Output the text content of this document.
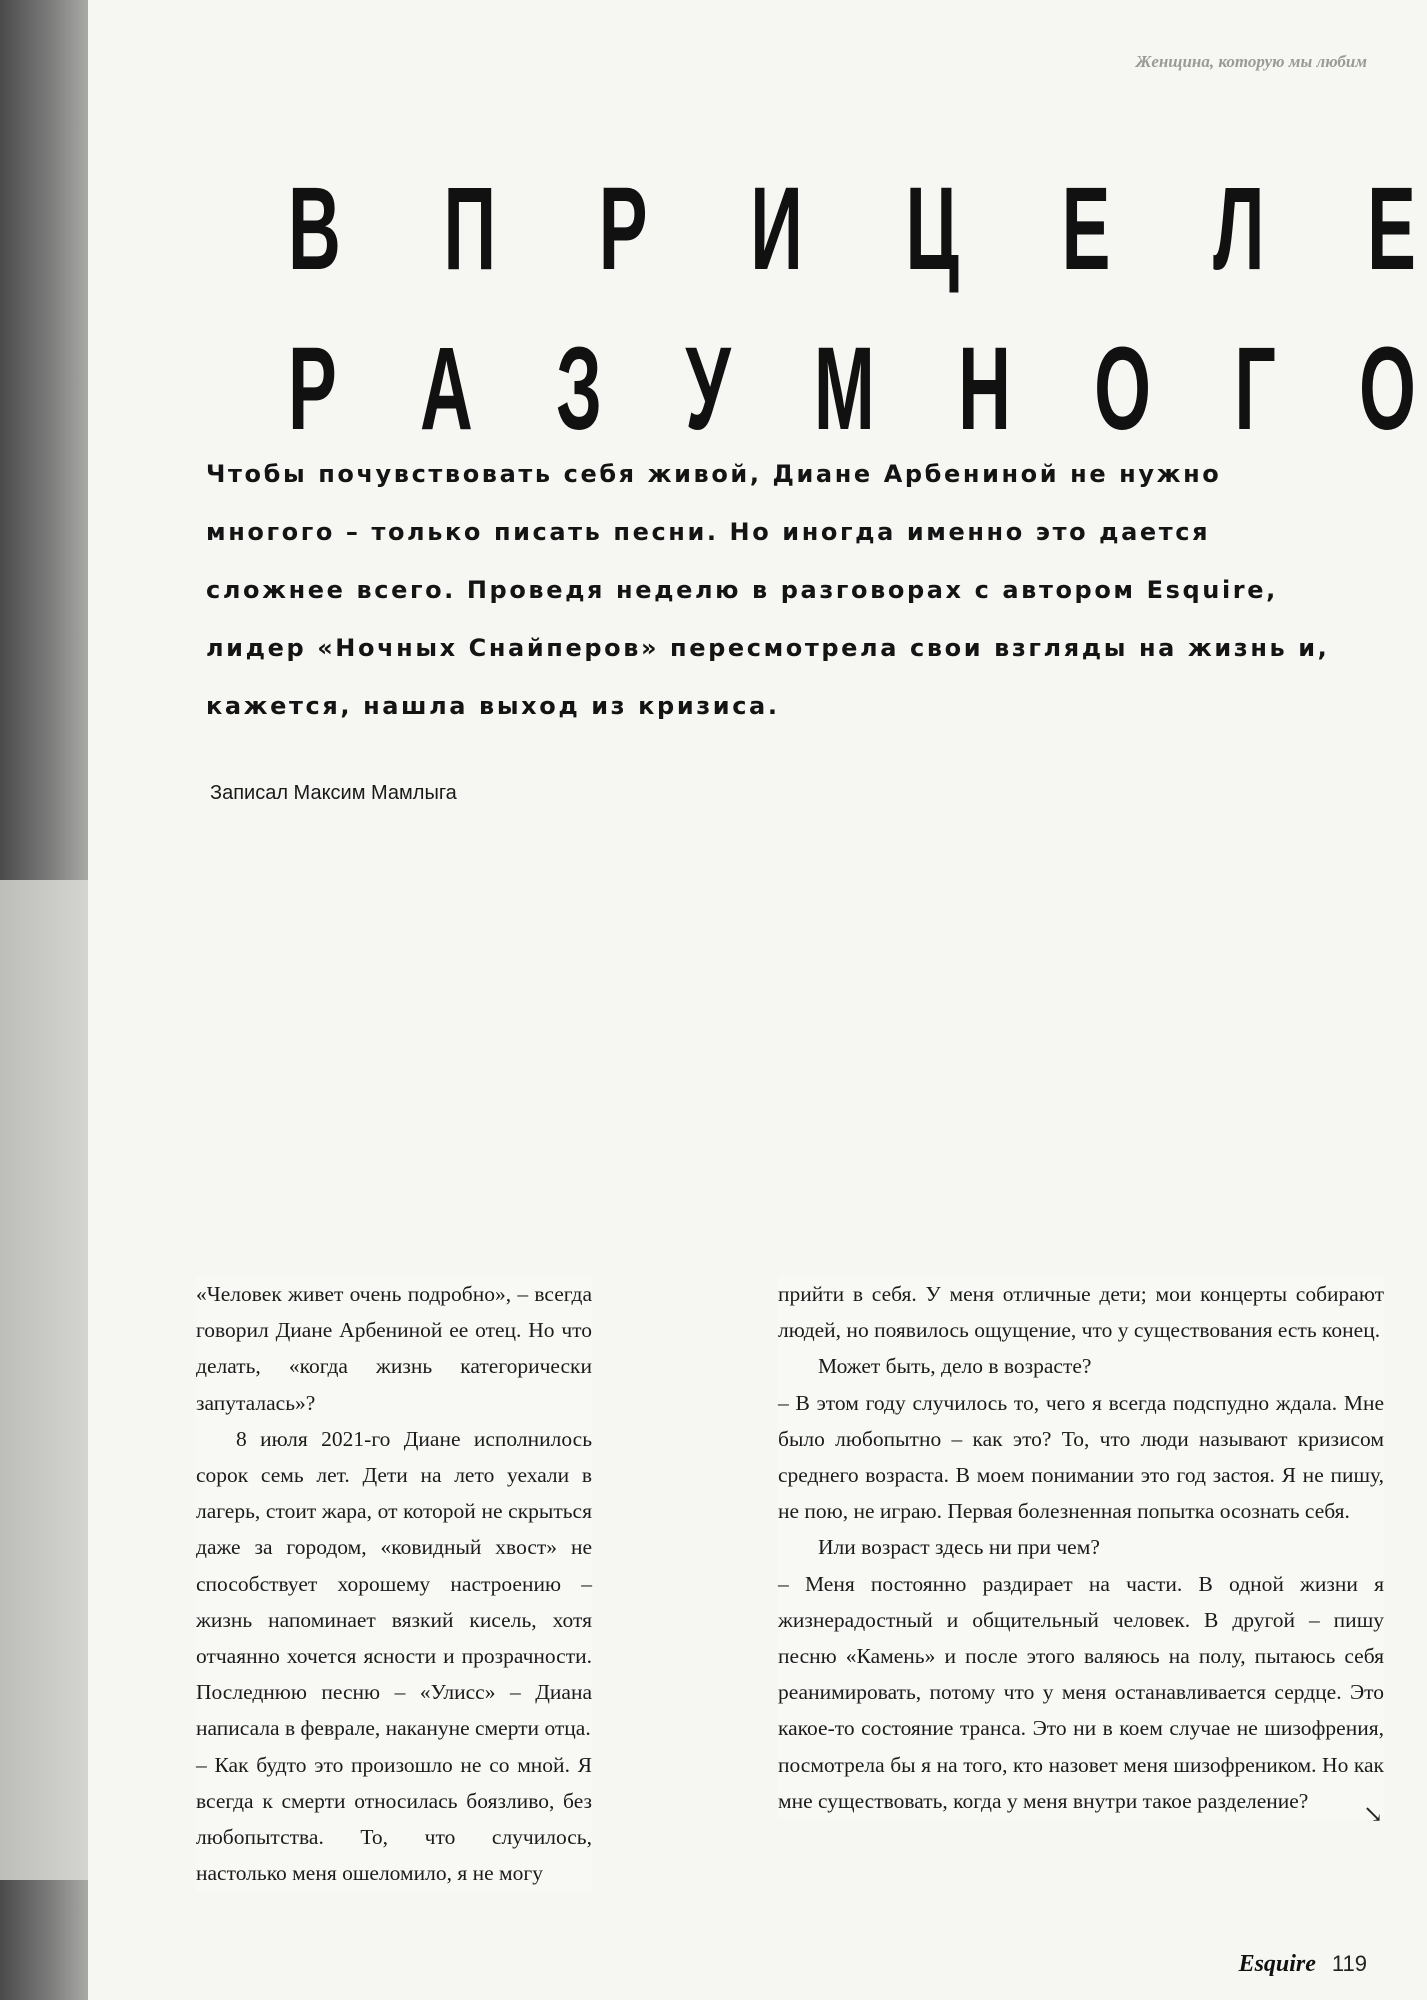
Женщина, которую мы любим
В П Р И Ц Е Л Е
Р А З У М Н О Г О
Чтобы почувствовать себя живой, Диане Арбениной не нужно многого – только писать песни. Но иногда именно это дается сложнее всего. Проведя неделю в разговорах с автором Esquire, лидер «Ночных Снайперов» пересмотрела свои взгляды на жизнь и, кажется, нашла выход из кризиса.
Записал Максим Мамлыга

«Человек живет очень подробно», – всегда говорил Диане Арбениной ее отец. Но что делать, «когда жизнь категорически запуталась»?

8 июля 2021-го Диане исполнилось сорок семь лет. Дети на лето уехали в лагерь, стоит жара, от которой не скрыться даже за городом, «ковидный хвост» не способствует хорошему настроению – жизнь напоминает вязкий кисель, хотя отчаянно хочется ясности и прозрачности. Последнюю песню – «Улисс» – Диана написала в феврале, накануне смерти отца.

– Как будто это произошло не со мной. Я всегда к смерти относилась боязливо, без любопытства. То, что случилось, настолько меня ошеломило, я не могу

прийти в себя. У меня отличные дети; мои концерты собирают людей, но появилось ощущение, что у существования есть конец.

Может быть, дело в возрасте?

– В этом году случилось то, чего я всегда подспудно ждала. Мне было любопытно – как это? То, что люди называют кризисом среднего возраста. В моем понимании это год застоя. Я не пишу, не пою, не играю. Первая болезненная попытка осознать себя.

Или возраст здесь ни при чем?

– Меня постоянно раздирает на части. В одной жизни я жизнерадостный и общительный человек. В другой – пишу песню «Камень» и после этого валяюсь на полу, пытаюсь себя реанимировать, потому что у меня останавливается сердце. Это какое-то состояние транса. Это ни в коем случае не шизофрения, посмотрела бы я на того, кто назовет меня шизофреником. Но как мне существовать, когда у меня внутри такое разделение?

↘
Esquire 119
